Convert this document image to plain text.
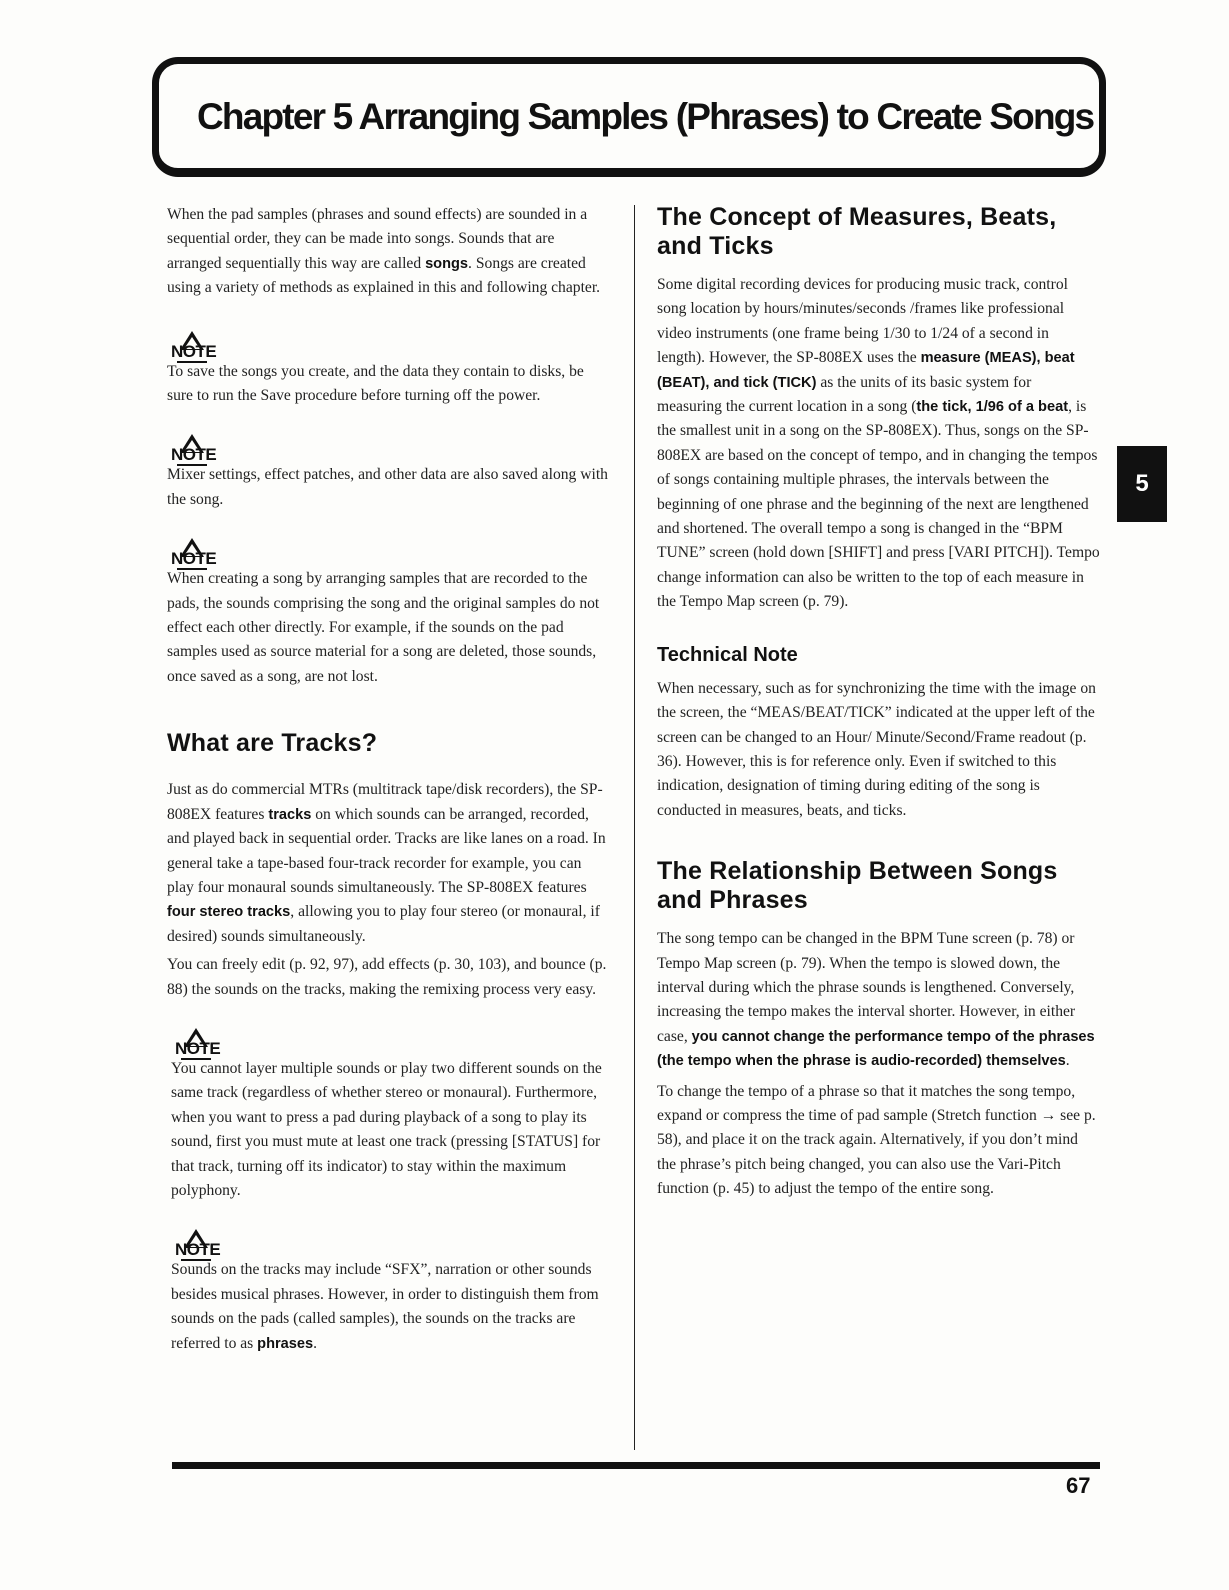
Chapter 5 Arranging Samples (Phrases) to Create Songs
5

When the pad samples (phrases and sound effects) are sounded in a sequential order, they can be made into songs. Sounds that are arranged sequentially this way are called songs. Songs are created using a variety of methods as explained in this and following chapter.

NOTE

To save the songs you create, and the data they contain to disks, be sure to run the Save procedure before turning off the power.

NOTE

Mixer settings, effect patches, and other data are also saved along with the song.

NOTE

When creating a song by arranging samples that are recorded to the pads, the sounds comprising the song and the original samples do not effect each other directly. For example, if the sounds on the pad samples used as source material for a song are deleted, those sounds, once saved as a song, are not lost.

What are Tracks?

Just as do commercial MTRs (multitrack tape/disk recorders), the SP-808EX features tracks on which sounds can be arranged, recorded, and played back in sequential order. Tracks are like lanes on a road. In general take a tape-based four-track recorder for example, you can play four monaural sounds simultaneously. The SP-808EX features four stereo tracks, allowing you to play four stereo (or monaural, if desired) sounds simultaneously.

You can freely edit (p. 92, 97), add effects (p. 30, 103), and bounce (p. 88) the sounds on the tracks, making the remixing process very easy.

NOTE

You cannot layer multiple sounds or play two different sounds on the same track (regardless of whether stereo or monaural). Furthermore, when you want to press a pad during playback of a song to play its sound, first you must mute at least one track (pressing [STATUS] for that track, turning off its indicator) to stay within the maximum polyphony.

NOTE

Sounds on the tracks may include “SFX”, narration or other sounds besides musical phrases. However, in order to distinguish them from sounds on the pads (called samples), the sounds on the tracks are referred to as phrases.

The Concept of Measures, Beats, and Ticks

Some digital recording devices for producing music track, control song location by hours/minutes/seconds /frames like professional video instruments (one frame being 1/30 to 1/24 of a second in length). However, the SP-808EX uses the measure (MEAS), beat (BEAT), and tick (TICK) as the units of its basic system for measuring the current location in a song (the tick, 1/96 of a beat, is the smallest unit in a song on the SP-808EX). Thus, songs on the SP-808EX are based on the concept of tempo, and in changing the tempos of songs containing multiple phrases, the intervals between the beginning of one phrase and the beginning of the next are lengthened and shortened. The overall tempo a song is changed in the “BPM TUNE” screen (hold down [SHIFT] and press [VARI PITCH]). Tempo change information can also be written to the top of each measure in the Tempo Map screen (p. 79).

Technical Note

When necessary, such as for synchronizing the time with the image on the screen, the “MEAS/BEAT/TICK” indicated at the upper left of the screen can be changed to an Hour/ Minute/Second/Frame readout (p. 36). However, this is for reference only. Even if switched to this indication, designation of timing during editing of the song is conducted in measures, beats, and ticks.

The Relationship Between Songs and Phrases

The song tempo can be changed in the BPM Tune screen (p. 78) or Tempo Map screen (p. 79). When the tempo is slowed down, the interval during which the phrase sounds is lengthened. Conversely, increasing the tempo makes the interval shorter. However, in either case, you cannot change the performance tempo of the phrases (the tempo when the phrase is audio-recorded) themselves.

To change the tempo of a phrase so that it matches the song tempo, expand or compress the time of pad sample (Stretch function → see p. 58), and place it on the track again. Alternatively, if you don’t mind the phrase’s pitch being changed, you can also use the Vari-Pitch function (p. 45) to adjust the tempo of the entire song.

67
